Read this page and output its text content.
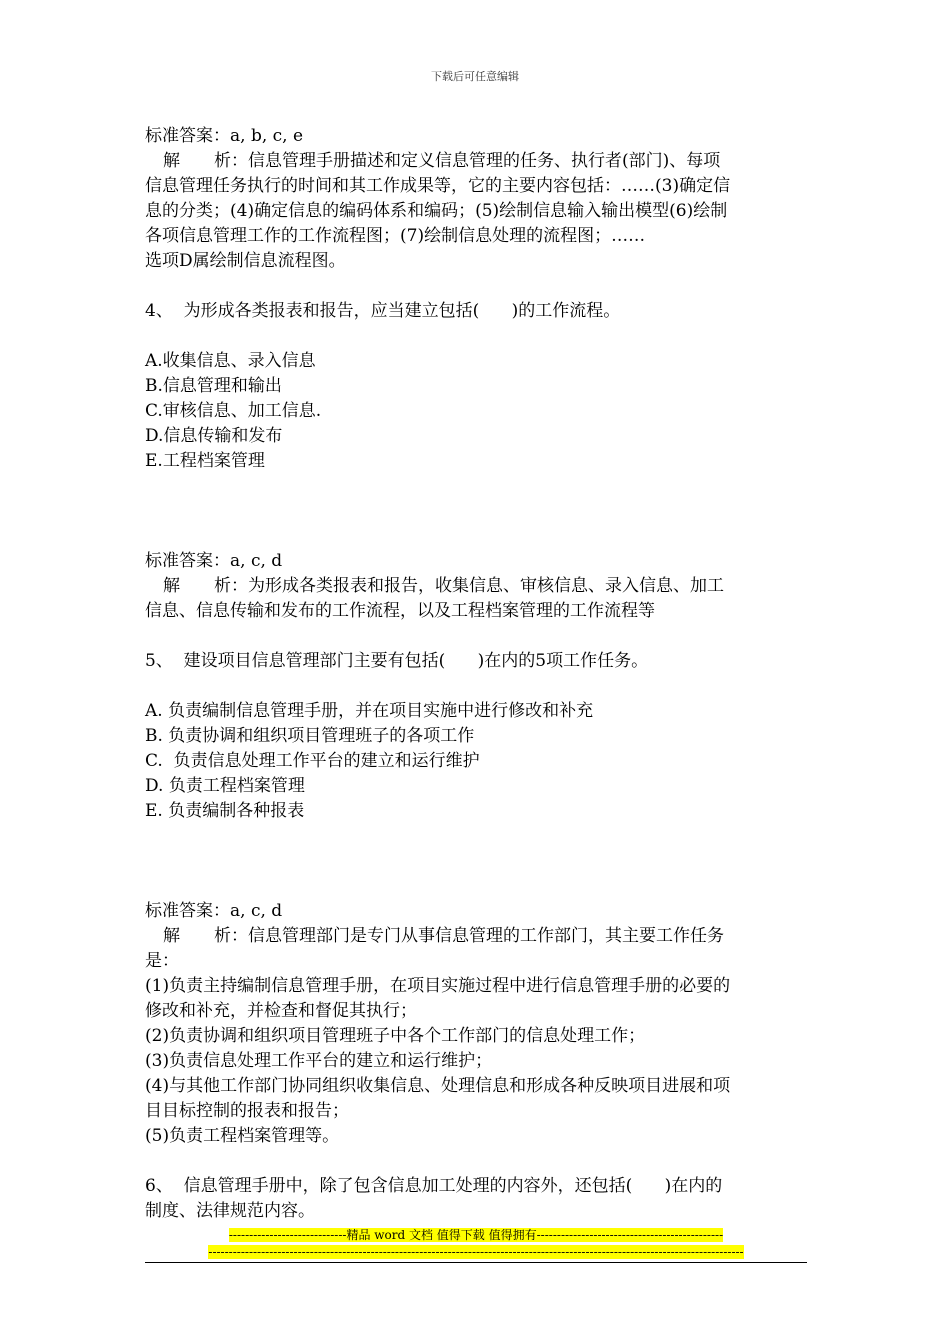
下载后可任意编辑

标准答案：a, b, c, e

解　　析：信息管理手册描述和定义信息管理的任务、执行者(部门)、每项

信息管理任务执行的时间和其工作成果等，它的主要内容包括：……(3)确定信

息的分类；(4)确定信息的编码体系和编码；(5)绘制信息输入输出模型(6)绘制

各项信息管理工作的工作流程图；(7)绘制信息处理的流程图；……

选项D属绘制信息流程图。

4、  为形成各类报表和报告，应当建立包括(      )的工作流程。

A.收集信息、录入信息

B.信息管理和输出

C.审核信息、加工信息.

D.信息传输和发布

E.工程档案管理

标准答案：a, c, d

解　　析：为形成各类报表和报告，收集信息、审核信息、录入信息、加工

信息、信息传输和发布的工作流程，以及工程档案管理的工作流程等

5、  建设项目信息管理部门主要有包括(      )在内的5项工作任务。

A. 负责编制信息管理手册，并在项目实施中进行修改和补充

B. 负责协调和组织项目管理班子的各项工作

C.  负责信息处理工作平台的建立和运行维护

D. 负责工程档案管理

E. 负责编制各种报表

标准答案：a, c, d

解　　析：信息管理部门是专门从事信息管理的工作部门，其主要工作任务

是：

(1)负责主持编制信息管理手册，在项目实施过程中进行信息管理手册的必要的

修改和补充，并检查和督促其执行；

(2)负责协调和组织项目管理班子中各个工作部门的信息处理工作；

(3)负责信息处理工作平台的建立和运行维护；

(4)与其他工作部门协同组织收集信息、处理信息和形成各种反映项目进展和项

目目标控制的报表和报告；

(5)负责工程档案管理等。

6、  信息管理手册中，除了包含信息加工处理的内容外，还包括(      )在内的

制度、法律规范内容。

-----------------------------精品 word 文档 值得下载 值得拥有----------------------------------------------
------------------------------------------------------------------------------------------------------------------------------------
